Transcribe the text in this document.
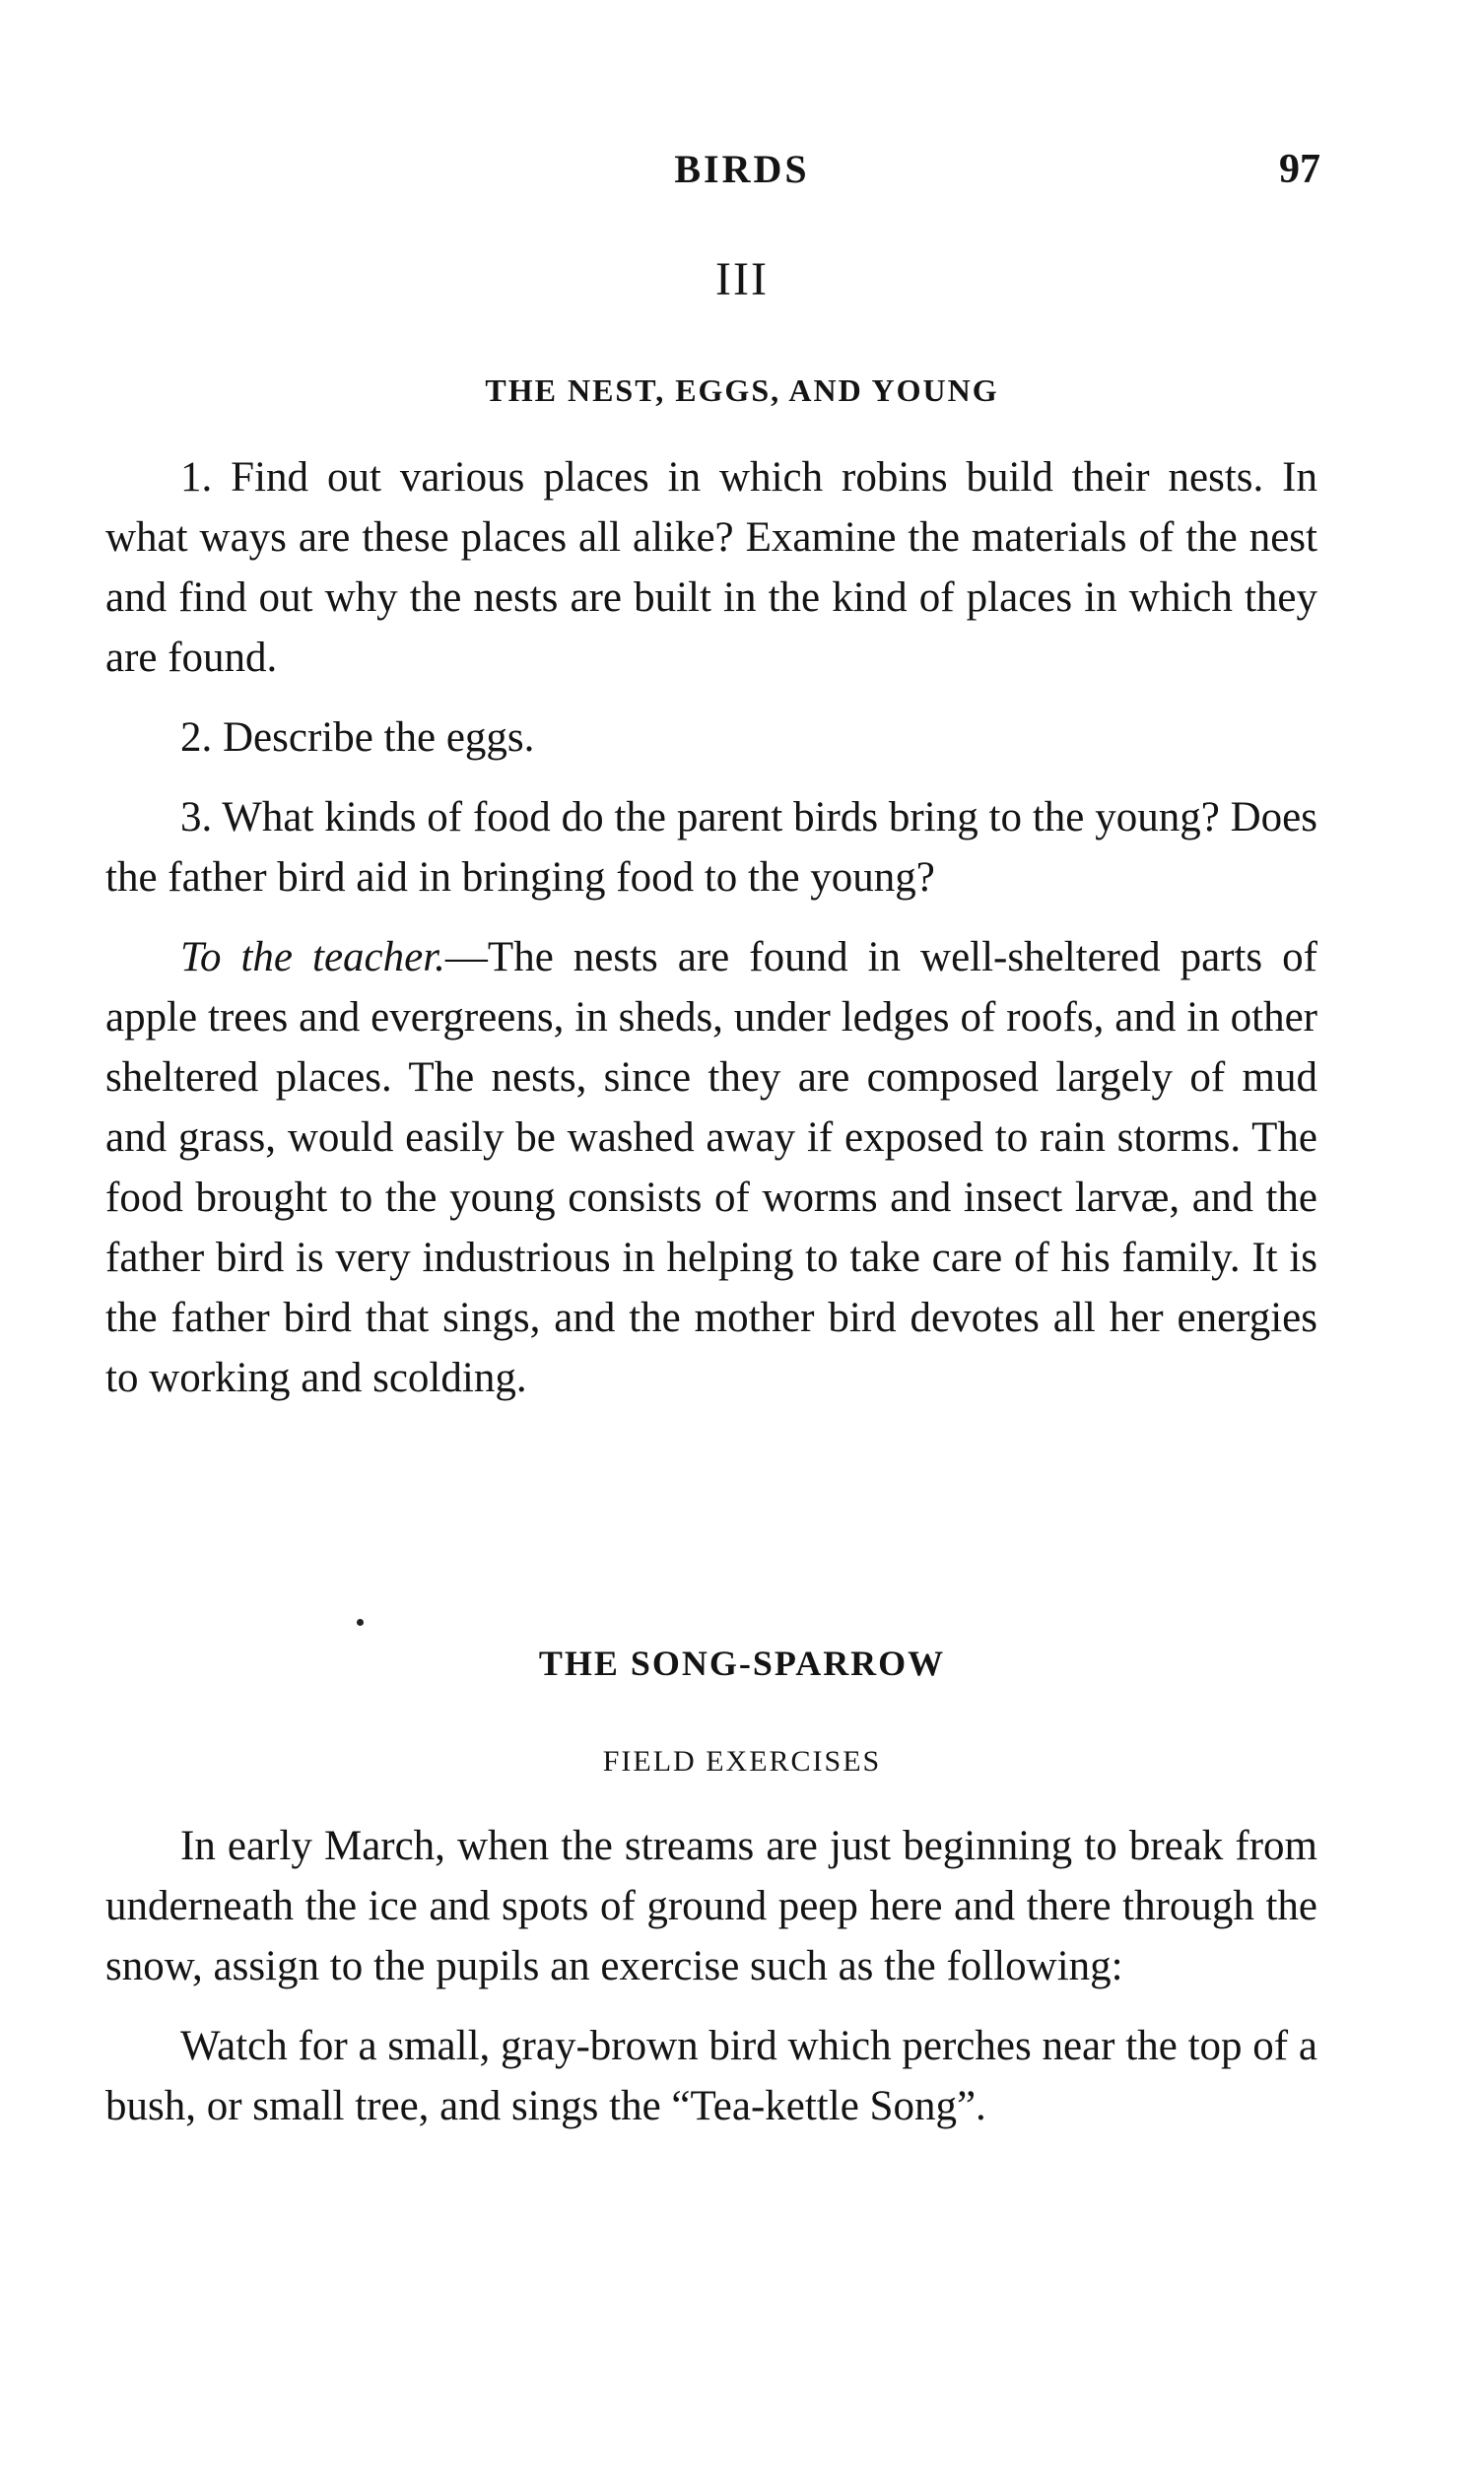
BIRDS	97
III
THE NEST, EGGS, AND YOUNG

1. Find out various places in which robins build their nests. In what ways are these places all alike? Examine the materials of the nest and find out why the nests are built in the kind of places in which they are found.

2. Describe the eggs.

3. What kinds of food do the parent birds bring to the young? Does the father bird aid in bringing food to the young?

To the teacher.—The nests are found in well-sheltered parts of apple trees and evergreens, in sheds, under ledges of roofs, and in other sheltered places. The nests, since they are composed largely of mud and grass, would easily be washed away if exposed to rain storms. The food brought to the young consists of worms and insect larvæ, and the father bird is very industrious in helping to take care of his family. It is the father bird that sings, and the mother bird devotes all her energies to working and scolding.

THE SONG-SPARROW
FIELD EXERCISES

In early March, when the streams are just beginning to break from underneath the ice and spots of ground peep here and there through the snow, assign to the pupils an exercise such as the following:

Watch for a small, gray-brown bird which perches near the top of a bush, or small tree, and sings the “Tea-kettle Song”.
